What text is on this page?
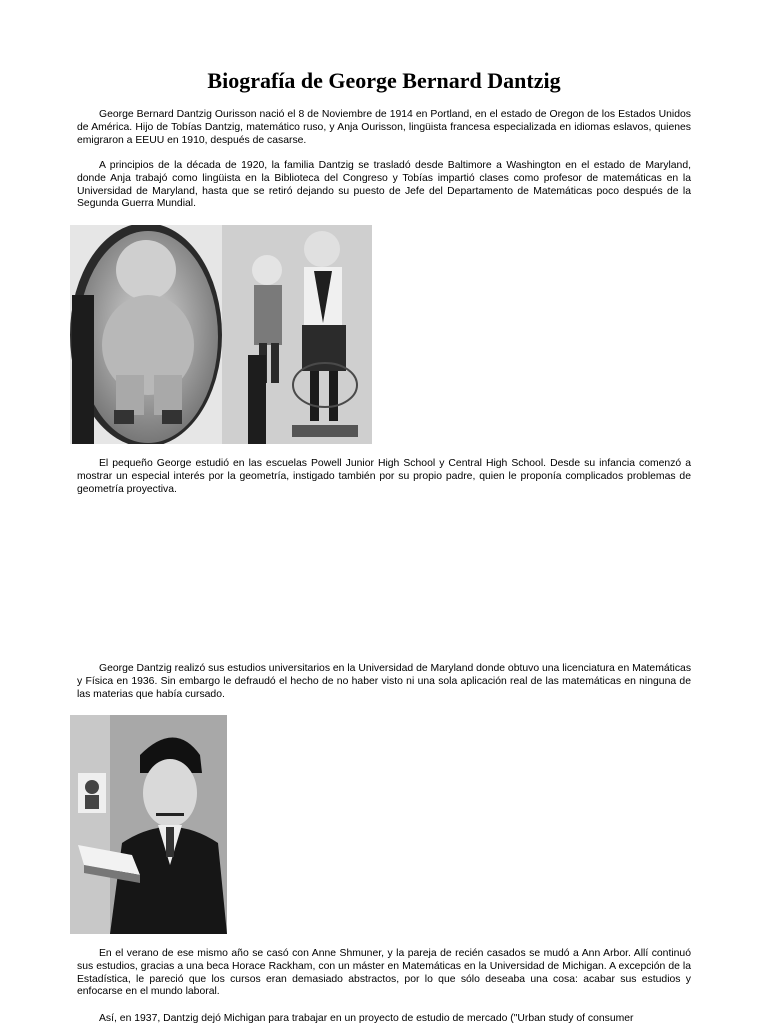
Biografía de George Bernard Dantzig

George Bernard Dantzig Ourisson nació el 8 de Noviembre de 1914 en Portland, en el estado de Oregon de los Estados Unidos de América. Hijo de Tobías Dantzig, matemático ruso, y Anja Ourisson, lingüista francesa especializada en idiomas eslavos, quienes emigraron a EEUU en 1910, después de casarse.

A principios de la década de 1920, la familia Dantzig se trasladó desde Baltimore a Washington en el estado de Maryland, donde Anja trabajó como lingüista en la Biblioteca del Congreso y Tobías impartió clases como profesor de matemáticas en la Universidad de Maryland, hasta que se retiró dejando su puesto de Jefe del Departamento de Matemáticas poco después de la Segunda Guerra Mundial.

El pequeño George estudió en las escuelas Powell Junior High School y Central High School. Desde su infancia comenzó a mostrar un especial interés por la geometría, instigado también por su propio padre, quien le proponía complicados problemas de geometría proyectiva.

George Dantzig realizó sus estudios universitarios en la Universidad de Maryland donde obtuvo una licenciatura en Matemáticas y Física en 1936. Sin embargo le defraudó el hecho de no haber visto ni una sola aplicación real de las matemáticas en ninguna de las materias que había cursado.

En el verano de ese mismo año se casó con Anne Shmuner, y la pareja de recién casados se mudó a Ann Arbor. Allí continuó sus estudios, gracias a una beca Horace Rackham, con un máster en Matemáticas en la Universidad de Michigan. A excepción de la Estadística, le pareció que los cursos eran demasiado abstractos, por lo que sólo deseaba una cosa: acabar sus estudios y enfocarse en el mundo laboral.

Así, en 1937, Dantzig dejó Michigan para trabajar en un proyecto de estudio de mercado ("Urban study of consumer
